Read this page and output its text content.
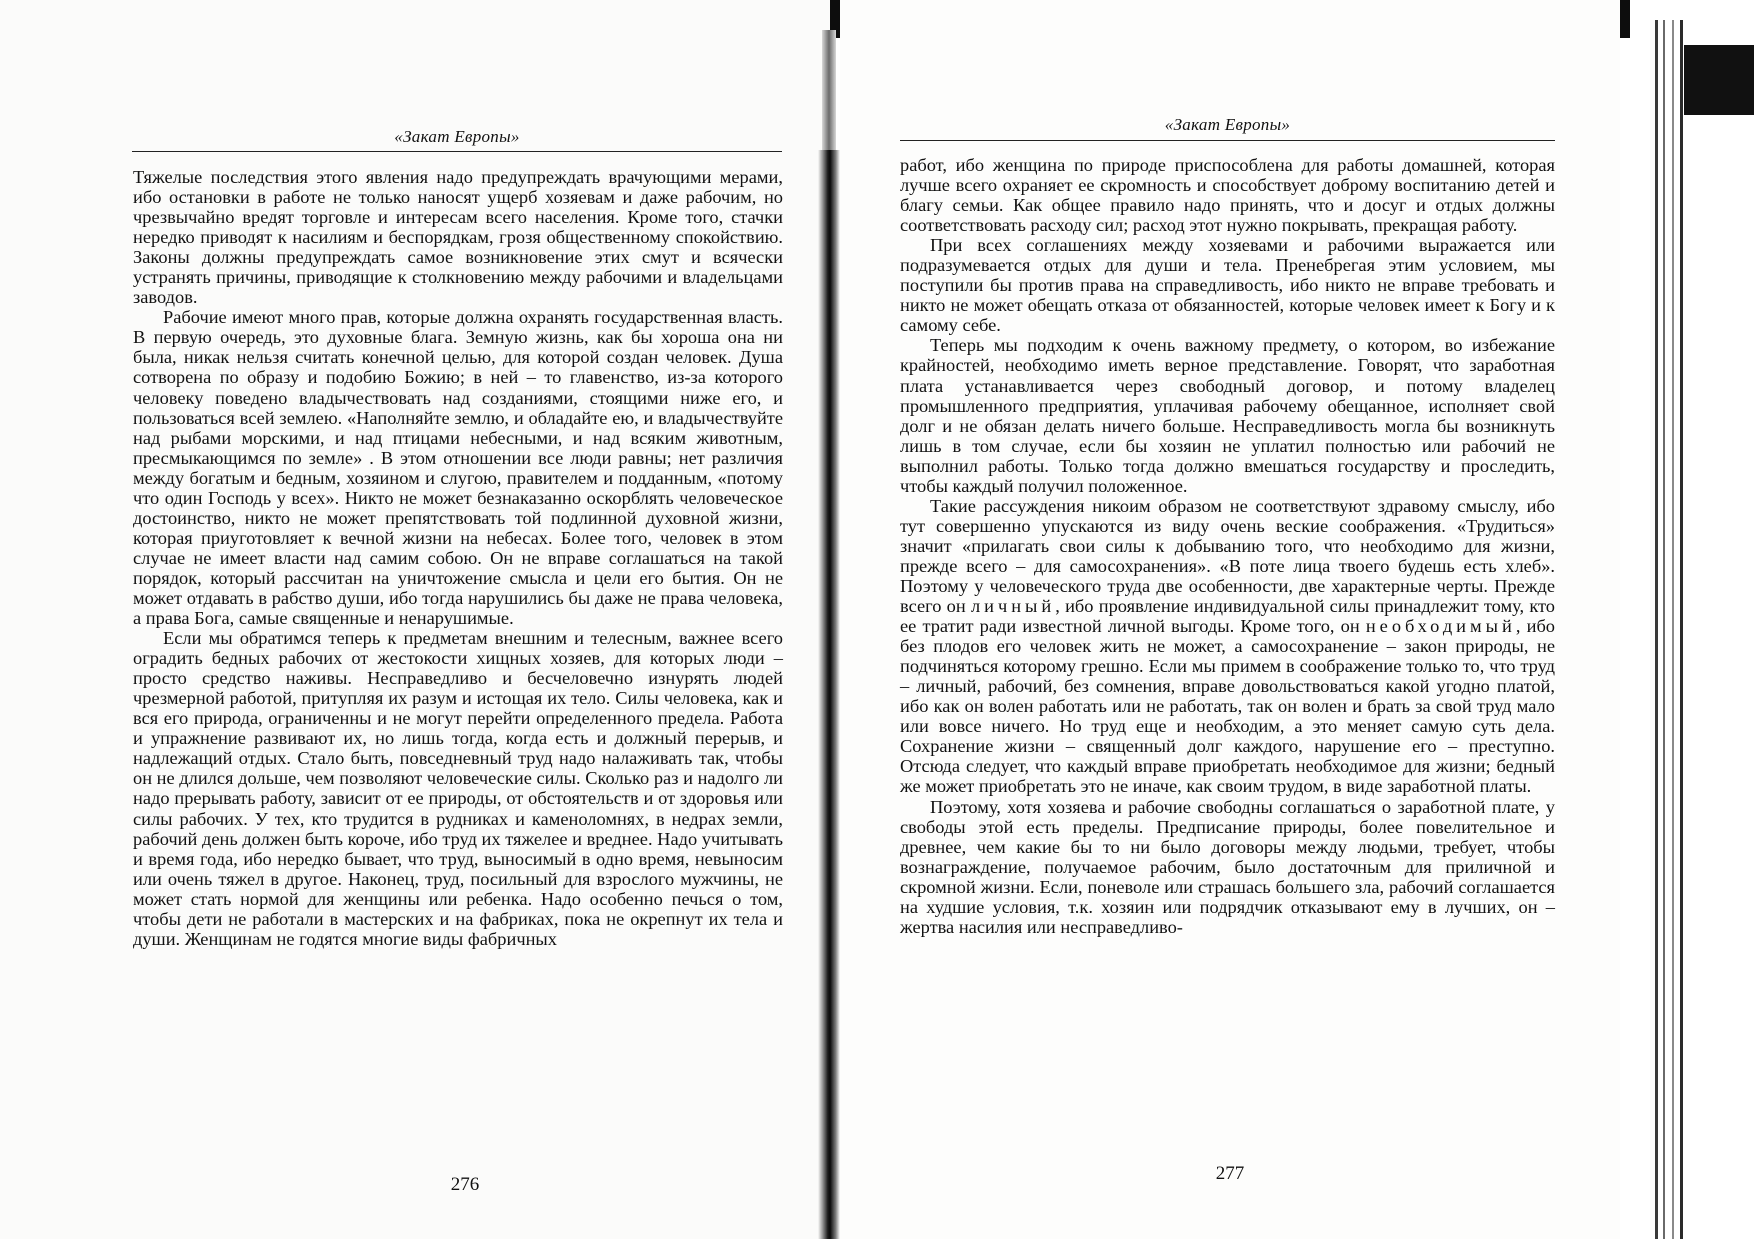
«Закат Европы»

Тяжелые последствия этого явления надо предупреждать врачующими мерами, ибо остановки в работе не только наносят ущерб хозяевам и даже рабочим, но чрезвычайно вредят торговле и интересам всего населения. Кроме того, стачки нередко приводят к насилиям и беспорядкам, грозя общественному спокойствию. Законы должны предупреждать самое возникновение этих смут и всячески устранять причины, приводящие к столкновению между рабочими и владельцами заводов.

Рабочие имеют много прав, которые должна охранять государственная власть. В первую очередь, это духовные блага. Земную жизнь, как бы хороша она ни была, никак нельзя считать конечной целью, для которой создан человек. Душа сотворена по образу и подобию Божию; в ней – то главенство, из-за которого человеку поведено владычествовать над созданиями, стоящими ниже его, и пользоваться всей землею. «Наполняйте землю, и обладайте ею, и владычествуйте над рыбами морскими, и над птицами небесными, и над всяким животным, пресмыкающимся по земле» . В этом отношении все люди равны; нет различия между богатым и бедным, хозяином и слугою, правителем и подданным, «потому что один Господь у всех». Никто не может безнаказанно оскорблять человеческое достоинство, никто не может препятствовать той подлинной духовной жизни, которая приуготовляет к вечной жизни на небесах. Более того, человек в этом случае не имеет власти над самим собою. Он не вправе соглашаться на такой порядок, который рассчитан на уничтожение смысла и цели его бытия. Он не может отдавать в рабство души, ибо тогда нарушились бы даже не права человека, а права Бога, самые священные и ненарушимые.

Если мы обратимся теперь к предметам внешним и телесным, важнее всего оградить бедных рабочих от жестокости хищных хозяев, для которых люди – просто средство наживы. Несправедливо и бесчеловечно изнурять людей чрезмерной работой, притупляя их разум и истощая их тело. Силы человека, как и вся его природа, ограниченны и не могут перейти определенного предела. Работа и упражнение развивают их, но лишь тогда, когда есть и должный перерыв, и надлежащий отдых. Стало быть, повседневный труд надо налаживать так, чтобы он не длился дольше, чем позволяют человеческие силы. Сколько раз и надолго ли надо прерывать работу, зависит от ее природы, от обстоятельств и от здоровья или силы рабочих. У тех, кто трудится в рудниках и каменоломнях, в недрах земли, рабочий день должен быть короче, ибо труд их тяжелее и вреднее. Надо учитывать и время года, ибо нередко бывает, что труд, выносимый в одно время, невыносим или очень тяжел в другое. Наконец, труд, посильный для взрослого мужчины, не может стать нормой для женщины или ребенка. Надо особенно печься о том, чтобы дети не работали в мастерских и на фабриках, пока не окрепнут их тела и души. Женщинам не годятся многие виды фабричных

276
«Закат Европы»

работ, ибо женщина по природе приспособлена для работы домашней, которая лучше всего охраняет ее скромность и способствует доброму воспитанию детей и благу семьи. Как общее правило надо принять, что и досуг и отдых должны соответствовать расходу сил; расход этот нужно покрывать, прекращая работу.

При всех соглашениях между хозяевами и рабочими выражается или подразумевается отдых для души и тела. Пренебрегая этим условием, мы поступили бы против права на справедливость, ибо никто не вправе требовать и никто не может обещать отказа от обязанностей, которые человек имеет к Богу и к самому себе.

Теперь мы подходим к очень важному предмету, о котором, во избежание крайностей, необходимо иметь верное представление. Говорят, что заработная плата устанавливается через свободный договор, и потому владелец промышленного предприятия, уплачивая рабочему обещанное, исполняет свой долг и не обязан делать ничего больше. Несправедливость могла бы возникнуть лишь в том случае, если бы хозяин не уплатил полностью или рабочий не выполнил работы. Только тогда должно вмешаться государству и проследить, чтобы каждый получил положенное.

Такие рассуждения никоим образом не соответствуют здравому смыслу, ибо тут совершенно упускаются из виду очень веские соображения. «Трудиться» значит «прилагать свои силы к добыванию того, что необходимо для жизни, прежде всего – для самосохранения». «В поте лица твоего будешь есть хлеб». Поэтому у человеческого труда две особенности, две характерные черты. Прежде всего он личный, ибо проявление индивидуальной силы принадлежит тому, кто ее тратит ради известной личной выгоды. Кроме того, он необходимый, ибо без плодов его человек жить не может, а самосохранение – закон природы, не подчиняться которому грешно. Если мы примем в соображение только то, что труд – личный, рабочий, без сомнения, вправе довольствоваться какой угодно платой, ибо как он волен работать или не работать, так он волен и брать за свой труд мало или вовсе ничего. Но труд еще и необходим, а это меняет самую суть дела. Сохранение жизни – священный долг каждого, нарушение его – преступно. Отсюда следует, что каждый вправе приобретать необходимое для жизни; бедный же может приобретать это не иначе, как своим трудом, в виде заработной платы.

Поэтому, хотя хозяева и рабочие свободны соглашаться о заработной плате, у свободы этой есть пределы. Предписание природы, более повелительное и древнее, чем какие бы то ни было договоры между людьми, требует, чтобы вознаграждение, получаемое рабочим, было достаточным для приличной и скромной жизни. Если, поневоле или страшась большего зла, рабочий соглашается на худшие условия, т.к. хозяин или подрядчик отказывают ему в лучших, он – жертва насилия или несправедливо-

277
